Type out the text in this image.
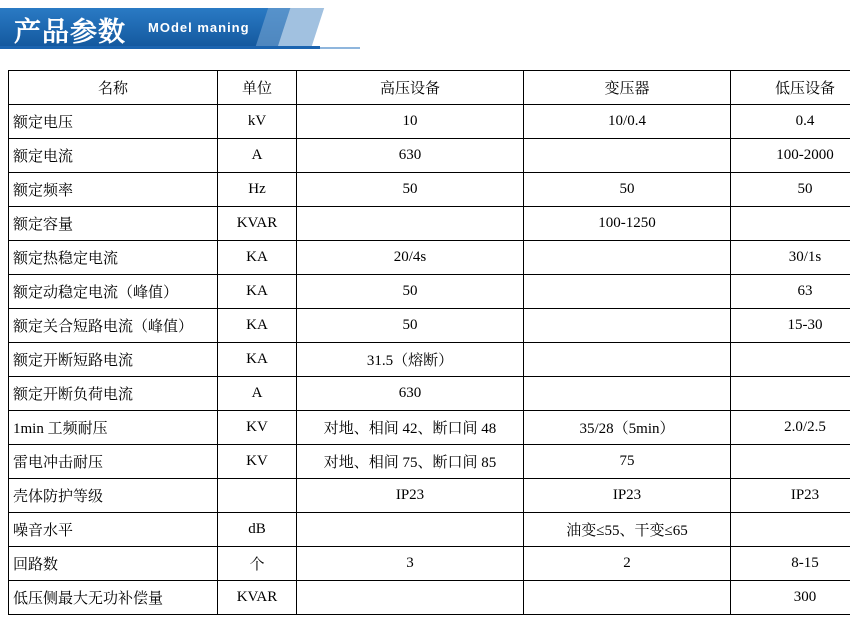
产品参数 MOdel maning
名称	单位	高压设备	变压器	低压设备
额定电压	kV	10	10/0.4	0.4
额定电流	A	630		100-2000
额定频率	Hz	50	50	50
额定容量	KVAR		100-1250	
额定热稳定电流	KA	20/4s		30/1s
额定动稳定电流（峰值）	KA	50		63
额定关合短路电流（峰值）	KA	50		15-30
额定开断短路电流	KA	31.5（熔断）		
额定开断负荷电流	A	630		
1min 工频耐压	KV	对地、相间 42、断口间 48	35/28（5min）	2.0/2.5
雷电冲击耐压	KV	对地、相间 75、断口间 85	75	
壳体防护等级		IP23	IP23	IP23
噪音水平	dB		油变≤55、干变≤65	
回路数	个	3	2	8-15
低压侧最大无功补偿量	KVAR			300
